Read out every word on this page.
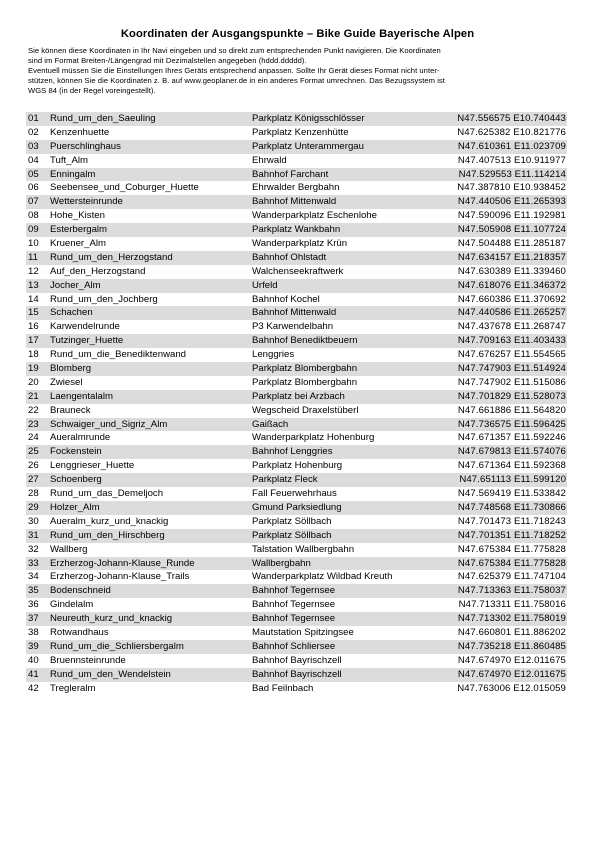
Koordinaten der Ausgangspunkte – Bike Guide Bayerische Alpen

Sie können diese Koordinaten in Ihr Navi eingeben und so direkt zum entsprechenden Punkt navigieren. Die Koordinaten

sind im Format Breiten-/Längengrad mit Dezimalstellen angegeben (hddd.ddddd).

Eventuell müssen Sie die Einstellungen Ihres Geräts entsprechend anpassen. Sollte Ihr Gerät dieses Format nicht unter-

stützen, können Sie die Koordinaten z. B. auf www.geoplaner.de in ein anderes Format umrechnen. Das Bezugssystem ist

WGS 84 (in der Regel voreingestellt).

01	Rund_um_den_Saeuling	Parkplatz Königsschlösser	N47.556575 E10.740443
02	Kenzenhuette	Parkplatz Kenzenhütte	N47.625382 E10.821776
03	Puerschlinghaus	Parkplatz Unterammergau	N47.610361 E11.023709
04	Tuft_Alm	Ehrwald	N47.407513 E10.911977
05	Enningalm	Bahnhof Farchant	N47.529553 E11.114214
06	Seebensee_und_Coburger_Huette	Ehrwalder Bergbahn	N47.387810 E10.938452
07	Wettersteinrunde	Bahnhof Mittenwald	N47.440506 E11.265393
08	Hohe_Kisten	Wanderparkplatz Eschenlohe	N47.590096 E11.192981
09	Esterbergalm	Parkplatz Wankbahn	N47.505908 E11.107724
10	Kruener_Alm	Wanderparkplatz Krün	N47.504488 E11.285187
11	Rund_um_den_Herzogstand	Bahnhof Ohlstadt	N47.634157 E11.218357
12	Auf_den_Herzogstand	Walchenseekraftwerk	N47.630389 E11.339460
13	Jocher_Alm	Urfeld	N47.618076 E11.346372
14	Rund_um_den_Jochberg	Bahnhof Kochel	N47.660386 E11.370692
15	Schachen	Bahnhof Mittenwald	N47.440586 E11.265257
16	Karwendelrunde	P3 Karwendelbahn	N47.437678 E11.268747
17	Tutzinger_Huette	Bahnhof Benediktbeuern	N47.709163 E11.403433
18	Rund_um_die_Benediktenwand	Lenggries	N47.676257 E11.554565
19	Blomberg	Parkplatz Blombergbahn	N47.747903 E11.514924
20	Zwiesel	Parkplatz Blombergbahn	N47.747902 E11.515086
21	Laengentalalm	Parkplatz bei Arzbach	N47.701829 E11.528073
22	Brauneck	Wegscheid Draxelstüberl	N47.661886 E11.564820
23	Schwaiger_und_Sigriz_Alm	Gaißach	N47.736575 E11.596425
24	Aueralmrunde	Wanderparkplatz Hohenburg	N47.671357 E11.592246
25	Fockenstein	Bahnhof Lenggries	N47.679813 E11.574076
26	Lenggrieser_Huette	Parkplatz Hohenburg	N47.671364 E11.592368
27	Schoenberg	Parkplatz Fleck	N47.651113 E11.599120
28	Rund_um_das_Demeljoch	Fall Feuerwehrhaus	N47.569419 E11.533842
29	Holzer_Alm	Gmund Parksiedlung	N47.748568 E11.730866
30	Aueralm_kurz_und_knackig	Parkplatz Söllbach	N47.701473 E11.718243
31	Rund_um_den_Hirschberg	Parkplatz Söllbach	N47.701351 E11.718252
32	Wallberg	Talstation Wallbergbahn	N47.675384 E11.775828
33	Erzherzog-Johann-Klause_Runde	Wallbergbahn	N47.675384 E11.775828
34	Erzherzog-Johann-Klause_Trails	Wanderparkplatz Wildbad Kreuth	N47.625379 E11.747104
35	Bodenschneid	Bahnhof Tegernsee	N47.713363 E11.758037
36	Gindelalm	Bahnhof Tegernsee	N47.713311 E11.758016
37	Neureuth_kurz_und_knackig	Bahnhof Tegernsee	N47.713302 E11.758019
38	Rotwandhaus	Mautstation Spitzingsee	N47.660801 E11.886202
39	Rund_um_die_Schliersbergalm	Bahnhof Schliersee	N47.735218 E11.860485
40	Bruennsteinrunde	Bahnhof Bayrischzell	N47.674970 E12.011675
41	Rund_um_den_Wendelstein	Bahnhof Bayrischzell	N47.674970 E12.011675
42	Tregleralm	Bad Feilnbach	N47.763006 E12.015059
